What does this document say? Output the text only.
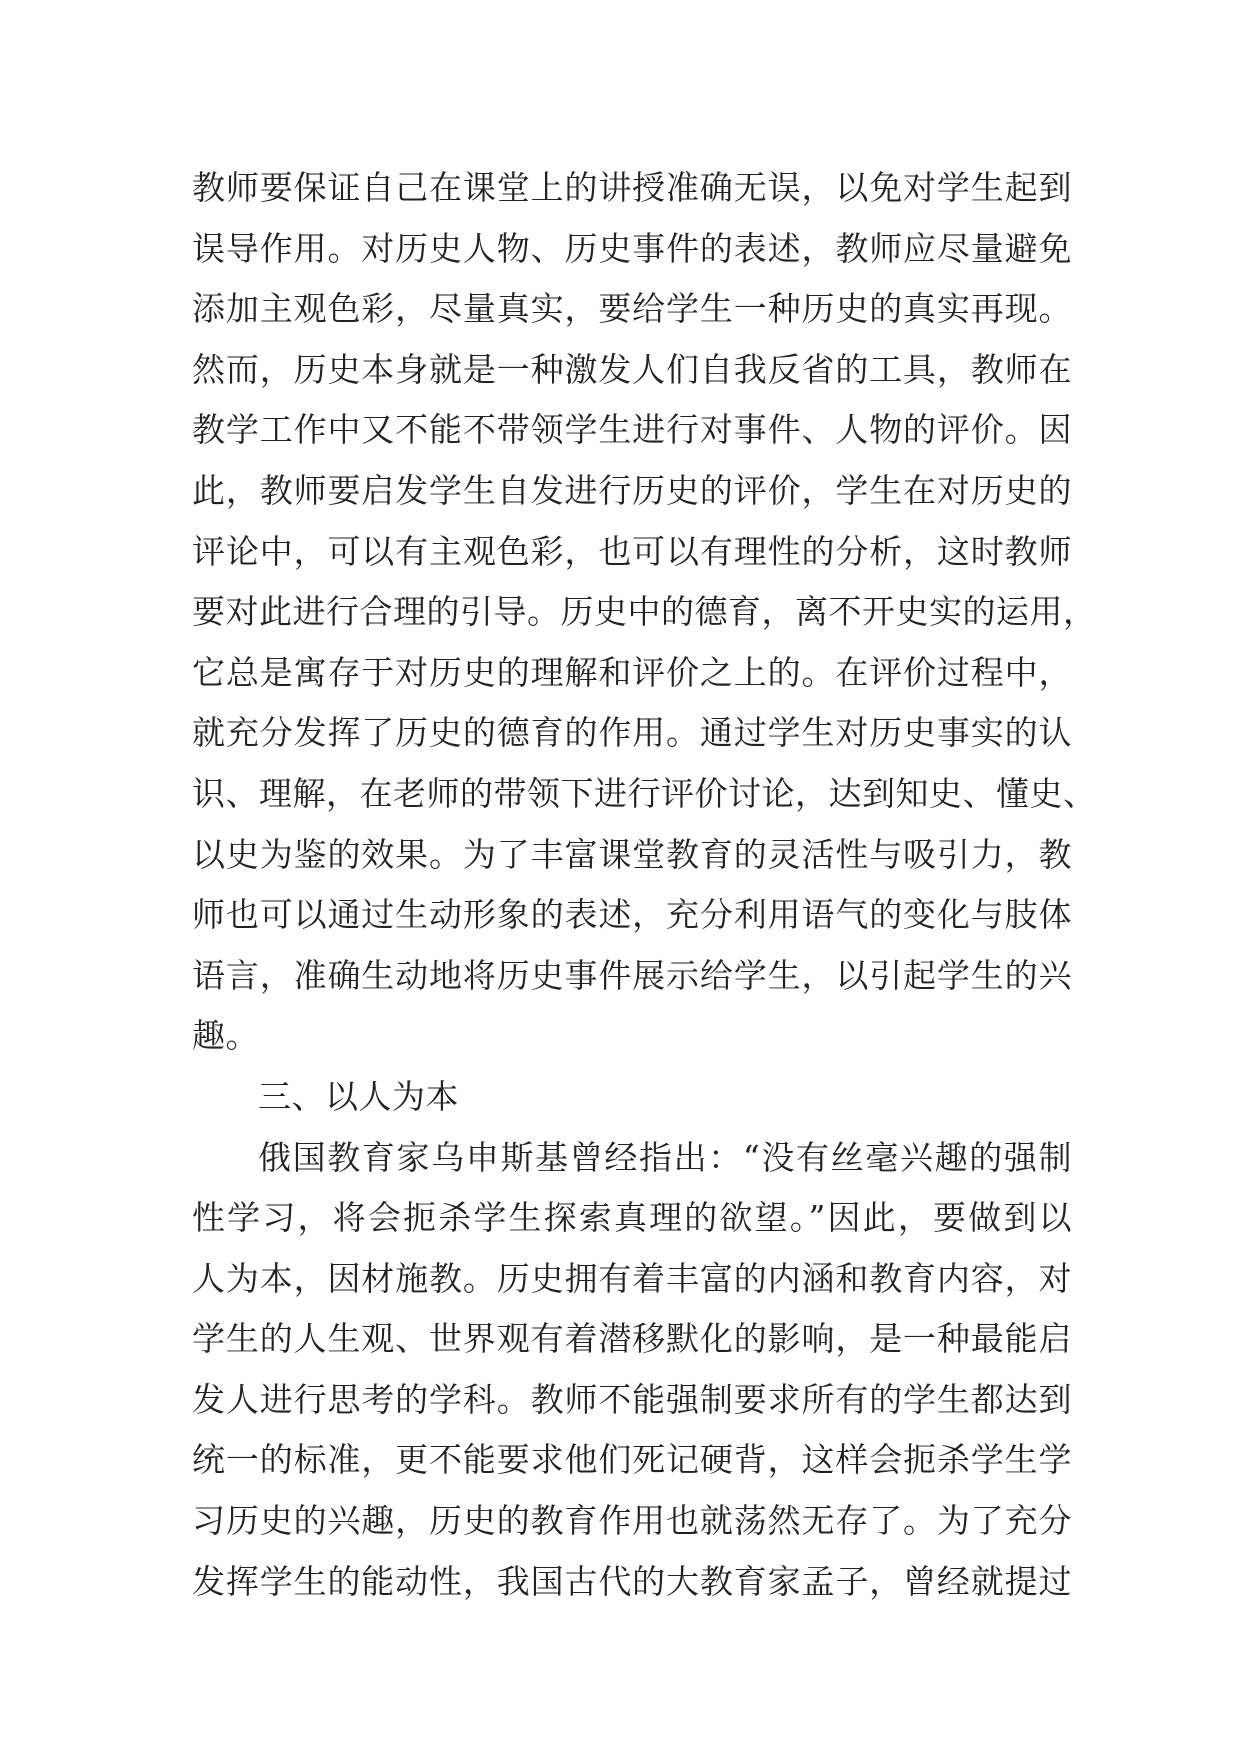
教师要保证自己在课堂上的讲授准确无误，以免对学生起到
误导作用。对历史人物、历史事件的表述，教师应尽量避免
添加主观色彩，尽量真实，要给学生一种历史的真实再现。
然而，历史本身就是一种激发人们自我反省的工具，教师在
教学工作中又不能不带领学生进行对事件、人物的评价。因
此，教师要启发学生自发进行历史的评价，学生在对历史的
评论中，可以有主观色彩，也可以有理性的分析，这时教师
要对此进行合理的引导。历史中的德育，离不开史实的运用，
它总是寓存于对历史的理解和评价之上的。在评价过程中，
就充分发挥了历史的德育的作用。通过学生对历史事实的认
识、理解，在老师的带领下进行评价讨论，达到知史、懂史、
以史为鉴的效果。为了丰富课堂教育的灵活性与吸引力，教
师也可以通过生动形象的表述，充分利用语气的变化与肢体
语言，准确生动地将历史事件展示给学生，以引起学生的兴
趣。
三、以人为本
俄国教育家乌申斯基曾经指出：“没有丝毫兴趣的强制
性学习，将会扼杀学生探索真理的欲望。”因此，要做到以
人为本，因材施教。历史拥有着丰富的内涵和教育内容，对
学生的人生观、世界观有着潜移默化的影响，是一种最能启
发人进行思考的学科。教师不能强制要求所有的学生都达到
统一的标准，更不能要求他们死记硬背，这样会扼杀学生学
习历史的兴趣，历史的教育作用也就荡然无存了。为了充分
发挥学生的能动性，我国古代的大教育家孟子，曾经就提过
